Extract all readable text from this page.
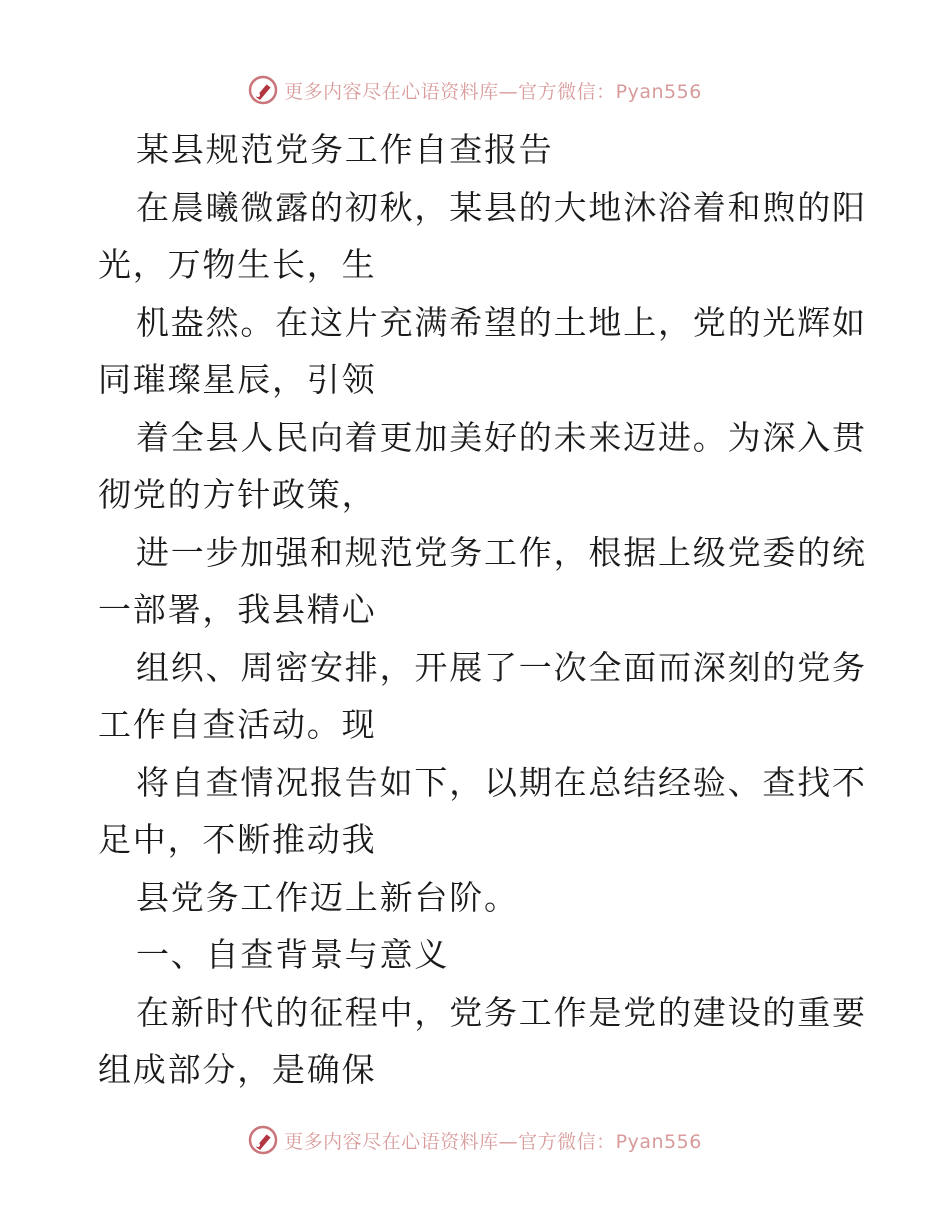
更多内容尽在心语资料库—官方微信：Pyan556
某县规范党务工作自查报告
在晨曦微露的初秋，某县的大地沐浴着和煦的阳
光，万物生长，生
机盎然。在这片充满希望的土地上，党的光辉如
同璀璨星辰，引领
着全县人民向着更加美好的未来迈进。为深入贯
彻党的方针政策，
进一步加强和规范党务工作，根据上级党委的统
一部署，我县精心
组织、周密安排，开展了一次全面而深刻的党务
工作自查活动。现
将自查情况报告如下，以期在总结经验、查找不
足中，不断推动我
县党务工作迈上新台阶。
一、自查背景与意义
在新时代的征程中，党务工作是党的建设的重要
组成部分，是确保
更多内容尽在心语资料库—官方微信：Pyan556
